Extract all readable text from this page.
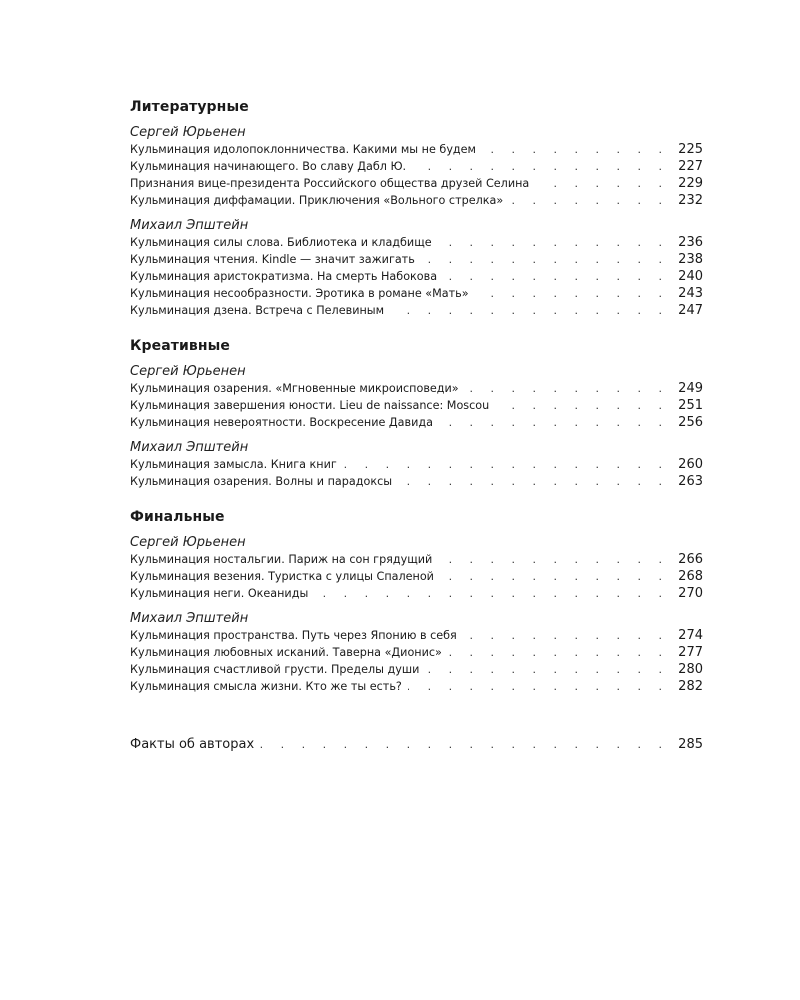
Литературные

Сергей Юрьенен

Кульминация идолопоклонничества. Какими мы не будем . . .	225
Кульминация начинающего. Во славу Дабл Ю. . . .	227
Признания вице-президента Российского общества друзей Селина . . .	229
Кульминация диффамации. Приключения «Вольного стрелка» . . .	232

Михаил Эпштейн

Кульминация силы слова. Библиотека и кладбище . . .	236
Кульминация чтения. Kindle — значит зажигать . . .	238
Кульминация аристократизма. На смерть Набокова . . .	240
Кульминация несообразности. Эротика в романе «Мать» . . .	243
Кульминация дзена. Встреча с Пелевиным . . .	247
Креативные

Сергей Юрьенен

Кульминация озарения. «Мгновенные микроисповеди» . . .	249
Кульминация завершения юности. Lieu de naissance: Moscou . . .	251
Кульминация невероятности. Воскресение Давида . . .	256

Михаил Эпштейн

Кульминация замысла. Книга книг . . .	260
Кульминация озарения. Волны и парадоксы . . .	263
Финальные

Сергей Юрьенен

Кульминация ностальгии. Париж на сон грядущий . . .	266
Кульминация везения. Туристка с улицы Спаленой . . .	268
Кульминация неги. Океаниды . . .	270

Михаил Эпштейн

Кульминация пространства. Путь через Японию в себя . . .	274
Кульминация любовных исканий. Таверна «Дионис» . . .	277
Кульминация счастливой грусти. Пределы души . . .	280
Кульминация смысла жизни. Кто же ты есть? . . .	282
Факты об авторах . . .	285
